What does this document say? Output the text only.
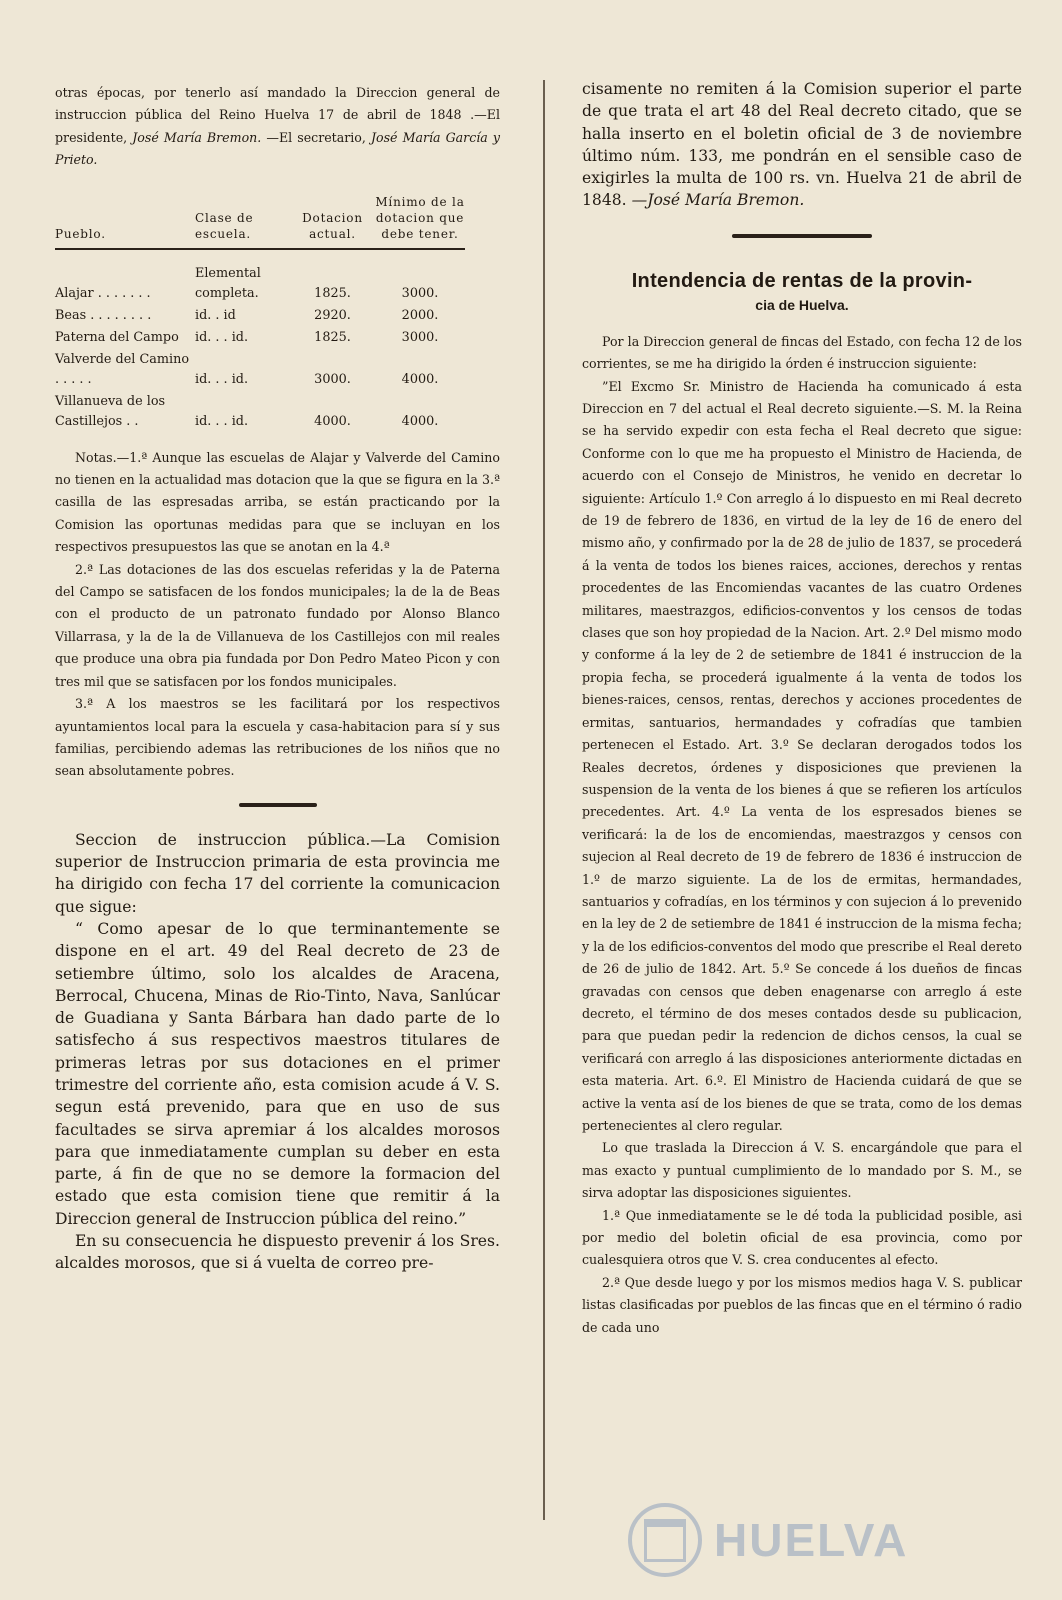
otras épocas, por tenerlo así mandado la Direccion general de instruccion pública del Reino Huelva 17 de abril de 1848 .—El presidente, José María Bremon. —El secretario, José María García y Prieto.

Pueblo.	Clase de escuela.	Dotacion actual.	Mínimo de la dotacion que debe tener.

Alajar . . . . . . .	Elemental completa.	1825.	3000.
Beas . . . . . . . .	id. . id	2920.	2000.
Paterna del Campo	id. . . id.	1825.	3000.
Valverde del Camino . . . . .	id. . . id.	3000.	4000.
Villanueva de los Castillejos . .	id. . . id.	4000.	4000.

Notas.—1.ª Aunque las escuelas de Alajar y Valverde del Camino no tienen en la actualidad mas dotacion que la que se figura en la 3.ª casilla de las espresadas arriba, se están practicando por la Comision las oportunas medidas para que se incluyan en los respectivos presupuestos las que se anotan en la 4.ª

2.ª Las dotaciones de las dos escuelas referidas y la de Paterna del Campo se satisfacen de los fondos municipales; la de la de Beas con el producto de un patronato fundado por Alonso Blanco Villarrasa, y la de la de Villanueva de los Castillejos con mil reales que produce una obra pia fundada por Don Pedro Mateo Picon y con tres mil que se satisfacen por los fondos municipales.

3.ª A los maestros se les facilitará por los respectivos ayuntamientos local para la escuela y casa-habitacion para sí y sus familias, percibiendo ademas las retribuciones de los niños que no sean absolutamente pobres.

Seccion de instruccion pública.—La Comision superior de Instruccion primaria de esta provincia me ha dirigido con fecha 17 del corriente la comunicacion que sigue:

“ Como apesar de lo que terminantemente se dispone en el art. 49 del Real decreto de 23 de setiembre último, solo los alcaldes de Aracena, Berrocal, Chucena, Minas de Rio-Tinto, Nava, Sanlúcar de Guadiana y Santa Bárbara han dado parte de lo satisfecho á sus respectivos maestros titulares de primeras letras por sus dotaciones en el primer trimestre del corriente año, esta comision acude á V. S. segun está prevenido, para que en uso de sus facultades se sirva apremiar á los alcaldes morosos para que inmediatamente cumplan su deber en esta parte, á fin de que no se demore la formacion del estado que esta comision tiene que remitir á la Direccion general de Instruccion pública del reino.”

En su consecuencia he dispuesto prevenir á los Sres. alcaldes morosos, que si á vuelta de correo pre-

cisamente no remiten á la Comision superior el parte de que trata el art 48 del Real decreto citado, que se halla inserto en el boletin oficial de 3 de noviembre último núm. 133, me pondrán en el sensible caso de exigirles la multa de 100 rs. vn. Huelva 21 de abril de 1848. —José María Bremon.

Intendencia de rentas de la provin-

cia de Huelva.

Por la Direccion general de fincas del Estado, con fecha 12 de los corrientes, se me ha dirigido la órden é instruccion siguiente:

”El Excmo Sr. Ministro de Hacienda ha comunicado á esta Direccion en 7 del actual el Real decreto siguiente.—S. M. la Reina se ha servido expedir con esta fecha el Real decreto que sigue: Conforme con lo que me ha propuesto el Ministro de Hacienda, de acuerdo con el Consejo de Ministros, he venido en decretar lo siguiente: Artículo 1.º Con arreglo á lo dispuesto en mi Real decreto de 19 de febrero de 1836, en virtud de la ley de 16 de enero del mismo año, y confirmado por la de 28 de julio de 1837, se procederá á la venta de todos los bienes raices, acciones, derechos y rentas procedentes de las Encomiendas vacantes de las cuatro Ordenes militares, maestrazgos, edificios-conventos y los censos de todas clases que son hoy propiedad de la Nacion. Art. 2.º Del mismo modo y conforme á la ley de 2 de setiembre de 1841 é instruccion de la propia fecha, se procederá igualmente á la venta de todos los bienes-raices, censos, rentas, derechos y acciones procedentes de ermitas, santuarios, hermandades y cofradías que tambien pertenecen el Estado. Art. 3.º Se declaran derogados todos los Reales decretos, órdenes y disposiciones que previenen la suspension de la venta de los bienes á que se refieren los artículos precedentes. Art. 4.º La venta de los espresados bienes se verificará: la de los de encomiendas, maestrazgos y censos con sujecion al Real decreto de 19 de febrero de 1836 é instruccion de 1.º de marzo siguiente. La de los de ermitas, hermandades, santuarios y cofradías, en los términos y con sujecion á lo prevenido en la ley de 2 de setiembre de 1841 é instruccion de la misma fecha; y la de los edificios-conventos del modo que prescribe el Real dereto de 26 de julio de 1842. Art. 5.º Se concede á los dueños de fincas gravadas con censos que deben enagenarse con arreglo á este decreto, el término de dos meses contados desde su publicacion, para que puedan pedir la redencion de dichos censos, la cual se verificará con arreglo á las disposiciones anteriormente dictadas en esta materia. Art. 6.º. El Ministro de Hacienda cuidará de que se active la venta así de los bienes de que se trata, como de los demas pertenecientes al clero regular.

Lo que traslada la Direccion á V. S. encargándole que para el mas exacto y puntual cumplimiento de lo mandado por S. M., se sirva adoptar las disposiciones siguientes.

1.ª Que inmediatamente se le dé toda la publicidad posible, asi por medio del boletin oficial de esa provincia, como por cualesquiera otros que V. S. crea conducentes al efecto.

2.ª Que desde luego y por los mismos medios haga V. S. publicar listas clasificadas por pueblos de las fincas que en el término ó radio de cada uno

HUELVA
